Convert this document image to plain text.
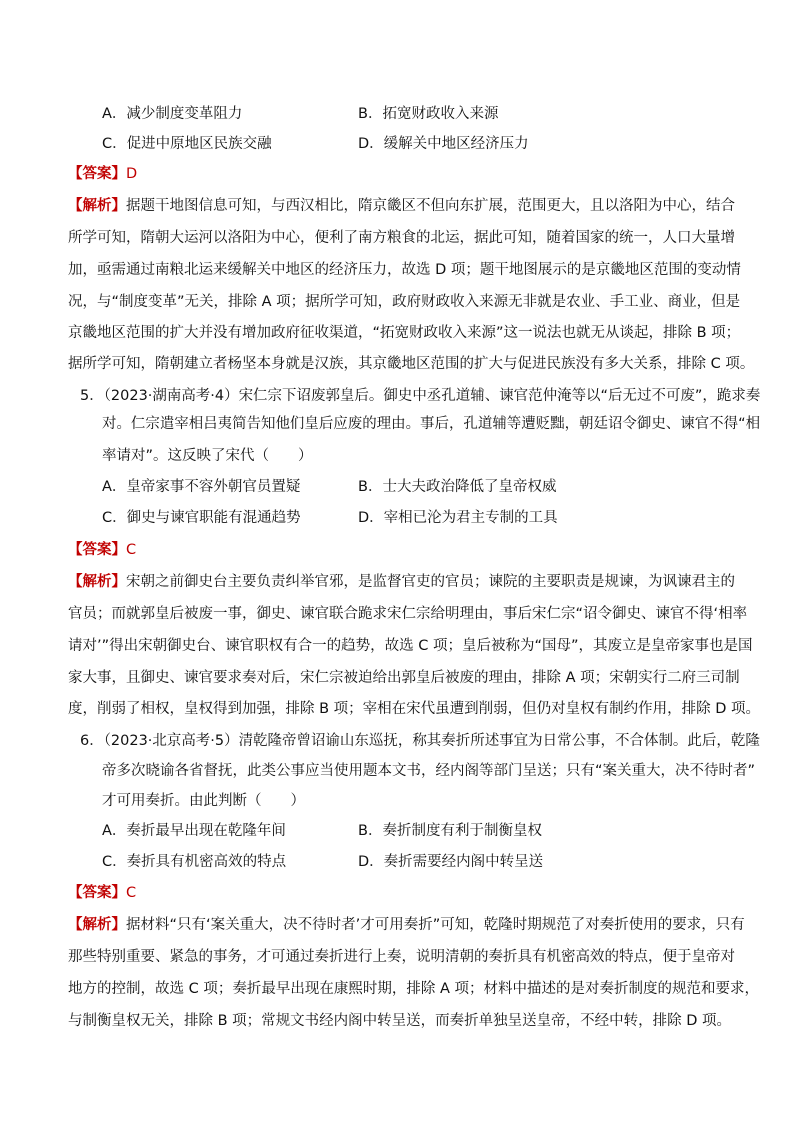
A．减少制度变革阻力	B．拓宽财政收入来源
C．促进中原地区民族交融	D．缓解关中地区经济压力
【答案】D
【解析】据题干地图信息可知，与西汉相比，隋京畿区不但向东扩展，范围更大，且以洛阳为中心，结合
所学可知，隋朝大运河以洛阳为中心，便利了南方粮食的北运，据此可知，随着国家的统一，人口大量增
加，亟需通过南粮北运来缓解关中地区的经济压力，故选 D 项；题干地图展示的是京畿地区范围的变动情
况，与“制度变革”无关，排除 A 项；据所学可知，政府财政收入来源无非就是农业、手工业、商业，但是
京畿地区范围的扩大并没有增加政府征收渠道，“拓宽财政收入来源”这一说法也就无从谈起，排除 B 项；
据所学可知，隋朝建立者杨坚本身就是汉族，其京畿地区范围的扩大与促进民族没有多大关系，排除 C 项。
5．（2023·湖南高考·4）宋仁宗下诏废郭皇后。御史中丞孔道辅、谏官范仲淹等以“后无过不可废”，跪求奏
对。仁宗遣宰相吕夷简告知他们皇后应废的理由。事后，孔道辅等遭贬黜，朝廷诏令御史、谏官不得“相
率请对”。这反映了宋代（　　）
A．皇帝家事不容外朝官员置疑	B．士大夫政治降低了皇帝权威
C．御史与谏官职能有混通趋势	D．宰相已沦为君主专制的工具
【答案】C
【解析】宋朝之前御史台主要负责纠举官邪，是监督官吏的官员；谏院的主要职责是规谏，为讽谏君主的
官员；而就郭皇后被废一事，御史、谏官联合跪求宋仁宗给明理由，事后宋仁宗“诏令御史、谏官不得‘相率
请对’”得出宋朝御史台、谏官职权有合一的趋势，故选 C 项；皇后被称为“国母”，其废立是皇帝家事也是国
家大事，且御史、谏官要求奏对后，宋仁宗被迫给出郭皇后被废的理由，排除 A 项；宋朝实行二府三司制
度，削弱了相权，皇权得到加强，排除 B 项；宰相在宋代虽遭到削弱，但仍对皇权有制约作用，排除 D 项。
6．（2023·北京高考·5）清乾隆帝曾诏谕山东巡抚，称其奏折所述事宜为日常公事，不合体制。此后，乾隆
帝多次晓谕各省督抚，此类公事应当使用题本文书，经内阁等部门呈送；只有“案关重大，决不待时者”
才可用奏折。由此判断（　　）
A．奏折最早出现在乾隆年间	B．奏折制度有利于制衡皇权
C．奏折具有机密高效的特点	D．奏折需要经内阁中转呈送
【答案】C
【解析】据材料“只有‘案关重大，决不待时者’才可用奏折”可知，乾隆时期规范了对奏折使用的要求，只有
那些特别重要、紧急的事务，才可通过奏折进行上奏，说明清朝的奏折具有机密高效的特点，便于皇帝对
地方的控制，故选 C 项；奏折最早出现在康熙时期，排除 A 项；材料中描述的是对奏折制度的规范和要求，
与制衡皇权无关，排除 B 项；常规文书经内阁中转呈送，而奏折单独呈送皇帝，不经中转，排除 D 项。
